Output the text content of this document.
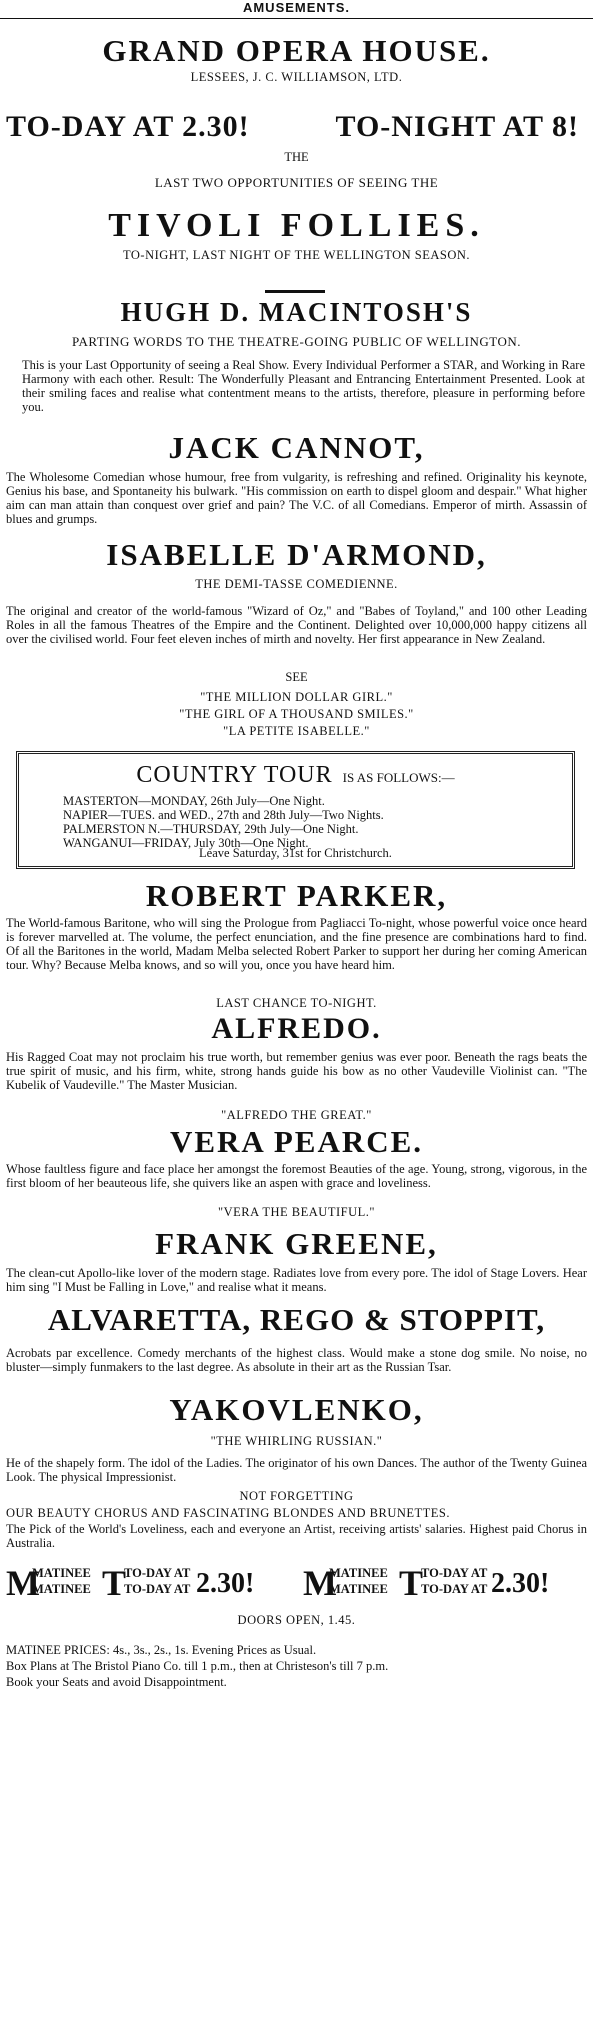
AMUSEMENTS.
GRAND OPERA HOUSE.
LESSEES, J. C. WILLIAMSON, LTD.
TO-DAY AT 2.30!	TO-NIGHT AT 8!
THE
LAST TWO OPPORTUNITIES OF SEEING THE
TIVOLI FOLLIES.
TO-NIGHT, LAST NIGHT OF THE WELLINGTON SEASON.
HUGH D. MACINTOSH'S
PARTING WORDS TO THE THEATRE-GOING PUBLIC OF WELLINGTON.
This is your Last Opportunity of seeing a Real Show. Every Individual Performer a STAR, and Working in Rare Harmony with each other. Result: The Wonderfully Pleasant and Entrancing Entertainment Presented. Look at their smiling faces and realise what contentment means to the artists, therefore, pleasure in performing before you.
JACK CANNOT,
The Wholesome Comedian whose humour, free from vulgarity, is refreshing and refined. Originality his keynote, Genius his base, and Spontaneity his bulwark. "His commission on earth to dispel gloom and despair." What higher aim can man attain than conquest over grief and pain? The V.C. of all Comedians. Emperor of mirth. Assassin of blues and grumps.
ISABELLE D'ARMOND,
THE DEMI-TASSE COMEDIENNE.
The original and creator of the world-famous "Wizard of Oz," and "Babes of Toyland," and 100 other Leading Roles in all the famous Theatres of the Empire and the Continent. Delighted over 10,000,000 happy citizens all over the civilised world. Four feet eleven inches of mirth and novelty. Her first appearance in New Zealand.
SEE
"THE MILLION DOLLAR GIRL."
"THE GIRL OF A THOUSAND SMILES."
"LA PETITE ISABELLE."
COUNTRY TOUR IS AS FOLLOWS:—
MASTERTON—MONDAY, 26th July—One Night.
NAPIER—TUES. and WED., 27th and 28th July—Two Nights.
PALMERSTON N.—THURSDAY, 29th July—One Night.
WANGANUI—FRIDAY, July 30th—One Night.
Leave Saturday, 31st for Christchurch.
ROBERT PARKER,
The World-famous Baritone, who will sing the Prologue from Pagliacci To-night, whose powerful voice once heard is forever marvelled at. The volume, the perfect enunciation, and the fine presence are combinations hard to find. Of all the Baritones in the world, Madam Melba selected Robert Parker to support her during her coming American tour. Why? Because Melba knows, and so will you, once you have heard him.
LAST CHANCE TO-NIGHT.
ALFREDO.
His Ragged Coat may not proclaim his true worth, but remember genius was ever poor. Beneath the rags beats the true spirit of music, and his firm, white, strong hands guide his bow as no other Vaudeville Violinist can. "The Kubelik of Vaudeville." The Master Musician.
"ALFREDO THE GREAT."
VERA PEARCE.
Whose faultless figure and face place her amongst the foremost Beauties of the age. Young, strong, vigorous, in the first bloom of her beauteous life, she quivers like an aspen with grace and loveliness.
"VERA THE BEAUTIFUL."
FRANK GREENE,
The clean-cut Apollo-like lover of the modern stage. Radiates love from every pore. The idol of Stage Lovers. Hear him sing "I Must be Falling in Love," and realise what it means.
ALVARETTA, REGO & STOPPIT,
Acrobats par excellence. Comedy merchants of the highest class. Would make a stone dog smile. No noise, no bluster—simply funmakers to the last degree. As absolute in their art as the Russian Tsar.
YAKOVLENKO,
"THE WHIRLING RUSSIAN."
He of the shapely form. The idol of the Ladies. The originator of his own Dances. The author of the Twenty Guinea Look. The physical Impressionist.
NOT FORGETTING
OUR BEAUTY CHORUS AND FASCINATING BLONDES AND BRUNETTES.
The Pick of the World's Loveliness, each and everyone an Artist, receiving artists' salaries. Highest paid Chorus in Australia.
M
MATINEE
MATINEE T
TO-DAY AT
TO-DAY AT 2.30! M
MATINEE
MATINEE T
TO-DAY AT
TO-DAY AT 2.30!
DOORS OPEN, 1.45.
MATINEE PRICES: 4s., 3s., 2s., 1s. Evening Prices as Usual.
Box Plans at The Bristol Piano Co. till 1 p.m., then at Christeson's till 7 p.m.
Book your Seats and avoid Disappointment.
